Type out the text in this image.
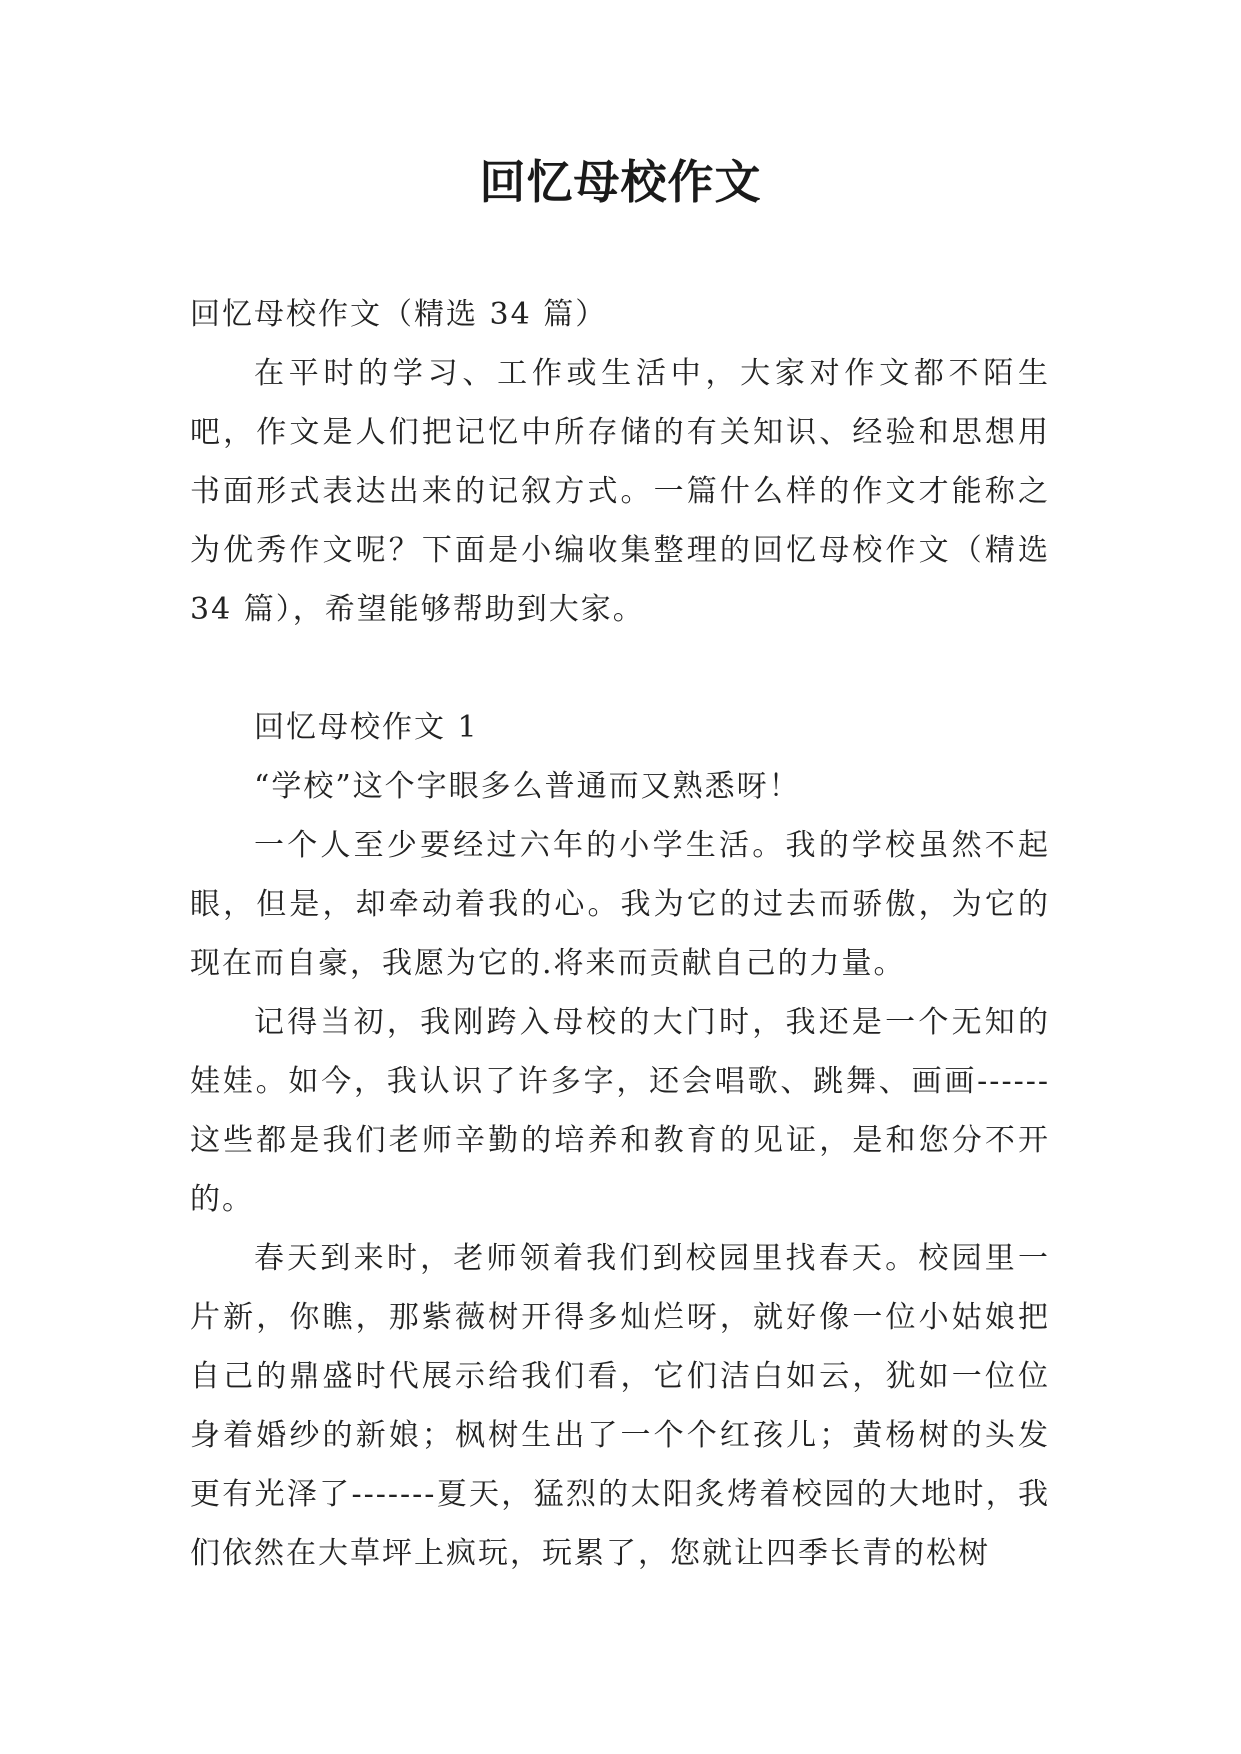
回忆母校作文

回忆母校作文（精选 34 篇）

在平时的学习、工作或生活中，大家对作文都不陌生吧，作文是人们把记忆中所存储的有关知识、经验和思想用书面形式表达出来的记叙方式。一篇什么样的作文才能称之为优秀作文呢？下面是小编收集整理的回忆母校作文（精选 34 篇），希望能够帮助到大家。

回忆母校作文 1

“学校”这个字眼多么普通而又熟悉呀！

一个人至少要经过六年的小学生活。我的学校虽然不起眼，但是，却牵动着我的心。我为它的过去而骄傲，为它的现在而自豪，我愿为它的.将来而贡献自己的力量。

记得当初，我刚跨入母校的大门时，我还是一个无知的娃娃。如今，我认识了许多字，还会唱歌、跳舞、画画------这些都是我们老师辛勤的培养和教育的见证，是和您分不开的。

春天到来时，老师领着我们到校园里找春天。校园里一片新，你瞧，那紫薇树开得多灿烂呀，就好像一位小姑娘把自己的鼎盛时代展示给我们看，它们洁白如云，犹如一位位身着婚纱的新娘；枫树生出了一个个红孩儿；黄杨树的头发更有光泽了-------夏天，猛烈的太阳炙烤着校园的大地时，我们依然在大草坪上疯玩，玩累了，您就让四季长青的松树
